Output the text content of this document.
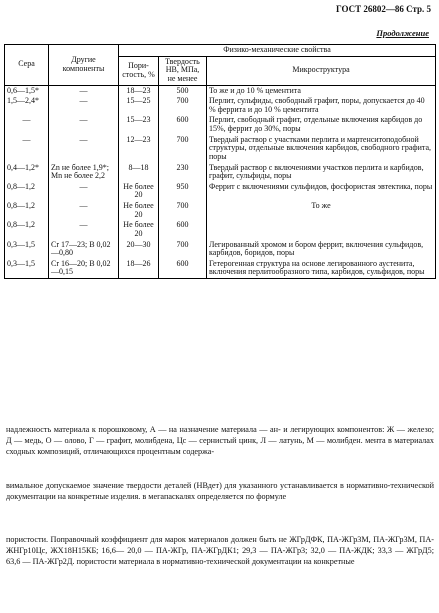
ГОСТ 26802—86 Стр. 5
Продолжение
Сера	Другие компоненты	Физико-механические свойства		
		Пори-стость, %	Твердость НВ, МПа, не менее	Микроструктура
0,6—1,5*	—	18—23	500	То же и до 10 % цементита
1,5—2,4*	—	15—25	700	Перлит, сульфиды, свободный графит, поры, допускается до 40 % феррита и до 10 % цементита
—	—	15—23	600	Перлит, свободный графит, отдельные включения карбидов до 15%, феррит до 30%, поры
—	—	12—23	700	Твердый раствор с участками перлита и мартенситоподобной структуры, отдельные включения карбидов, свободного графита, поры
0,4—1,2*	Zn не более 1,9*; Mn не более 2,2	8—18	230	Твердый раствор с включениями участков перлита и карбидов, графит, сульфиды, поры
0,8—1,2	—	Не более 20	950	Феррит с включениями сульфидов, фосфористая эвтектика, поры
0,8—1,2	—	Не более 20	700	То же
0,8—1,2	—	Не более 20	600	
0,3—1,5	Cr 17—23; B 0,02—0,80	20—30	700	Легированный хромом и бором феррит, включения сульфидов, карбидов, боридов, поры
0,3—1,5	Cr 16—20; B 0,02—0,15	18—26	600	Гетерогенная структура на основе легированного аустенита, включения перлитообразного типа, карбидов, сульфидов, поры
надлежность материала к порошковому, А — на назначение материала — ан- и легирующих компонентов: Ж — железо; Д — медь, О — олово, Г — графит, молибдена, Цс — сернистый цинк, Л — латунь, М — молибден. мента в материалах сходных композиций, отличающихся процентным содержа-
вимальное допускаемое значение твердости деталей (НВдет) для указанного устанавливается в нормативно-технической документации на конкретные изделия. в мегапаскалях определяется по формуле
пористости. Поправочный коэффициент для марок материалов должен быть не ЖГрДФК, ПА-ЖГр3М, ПА-ЖГр3М, ПА-ЖНГр10Цс, ЖХ18Н15КБ; 16,6— 20,0 — ПА-ЖГр, ПА-ЖГрДК1; 29,3 — ПА-ЖГр3; 32,0 — ПА-ЖДК; 33,3 — ЖГрД5; 63,6 — ПА-ЖГр2Д. пористости материала в нормативно-технической документации на конкретные
